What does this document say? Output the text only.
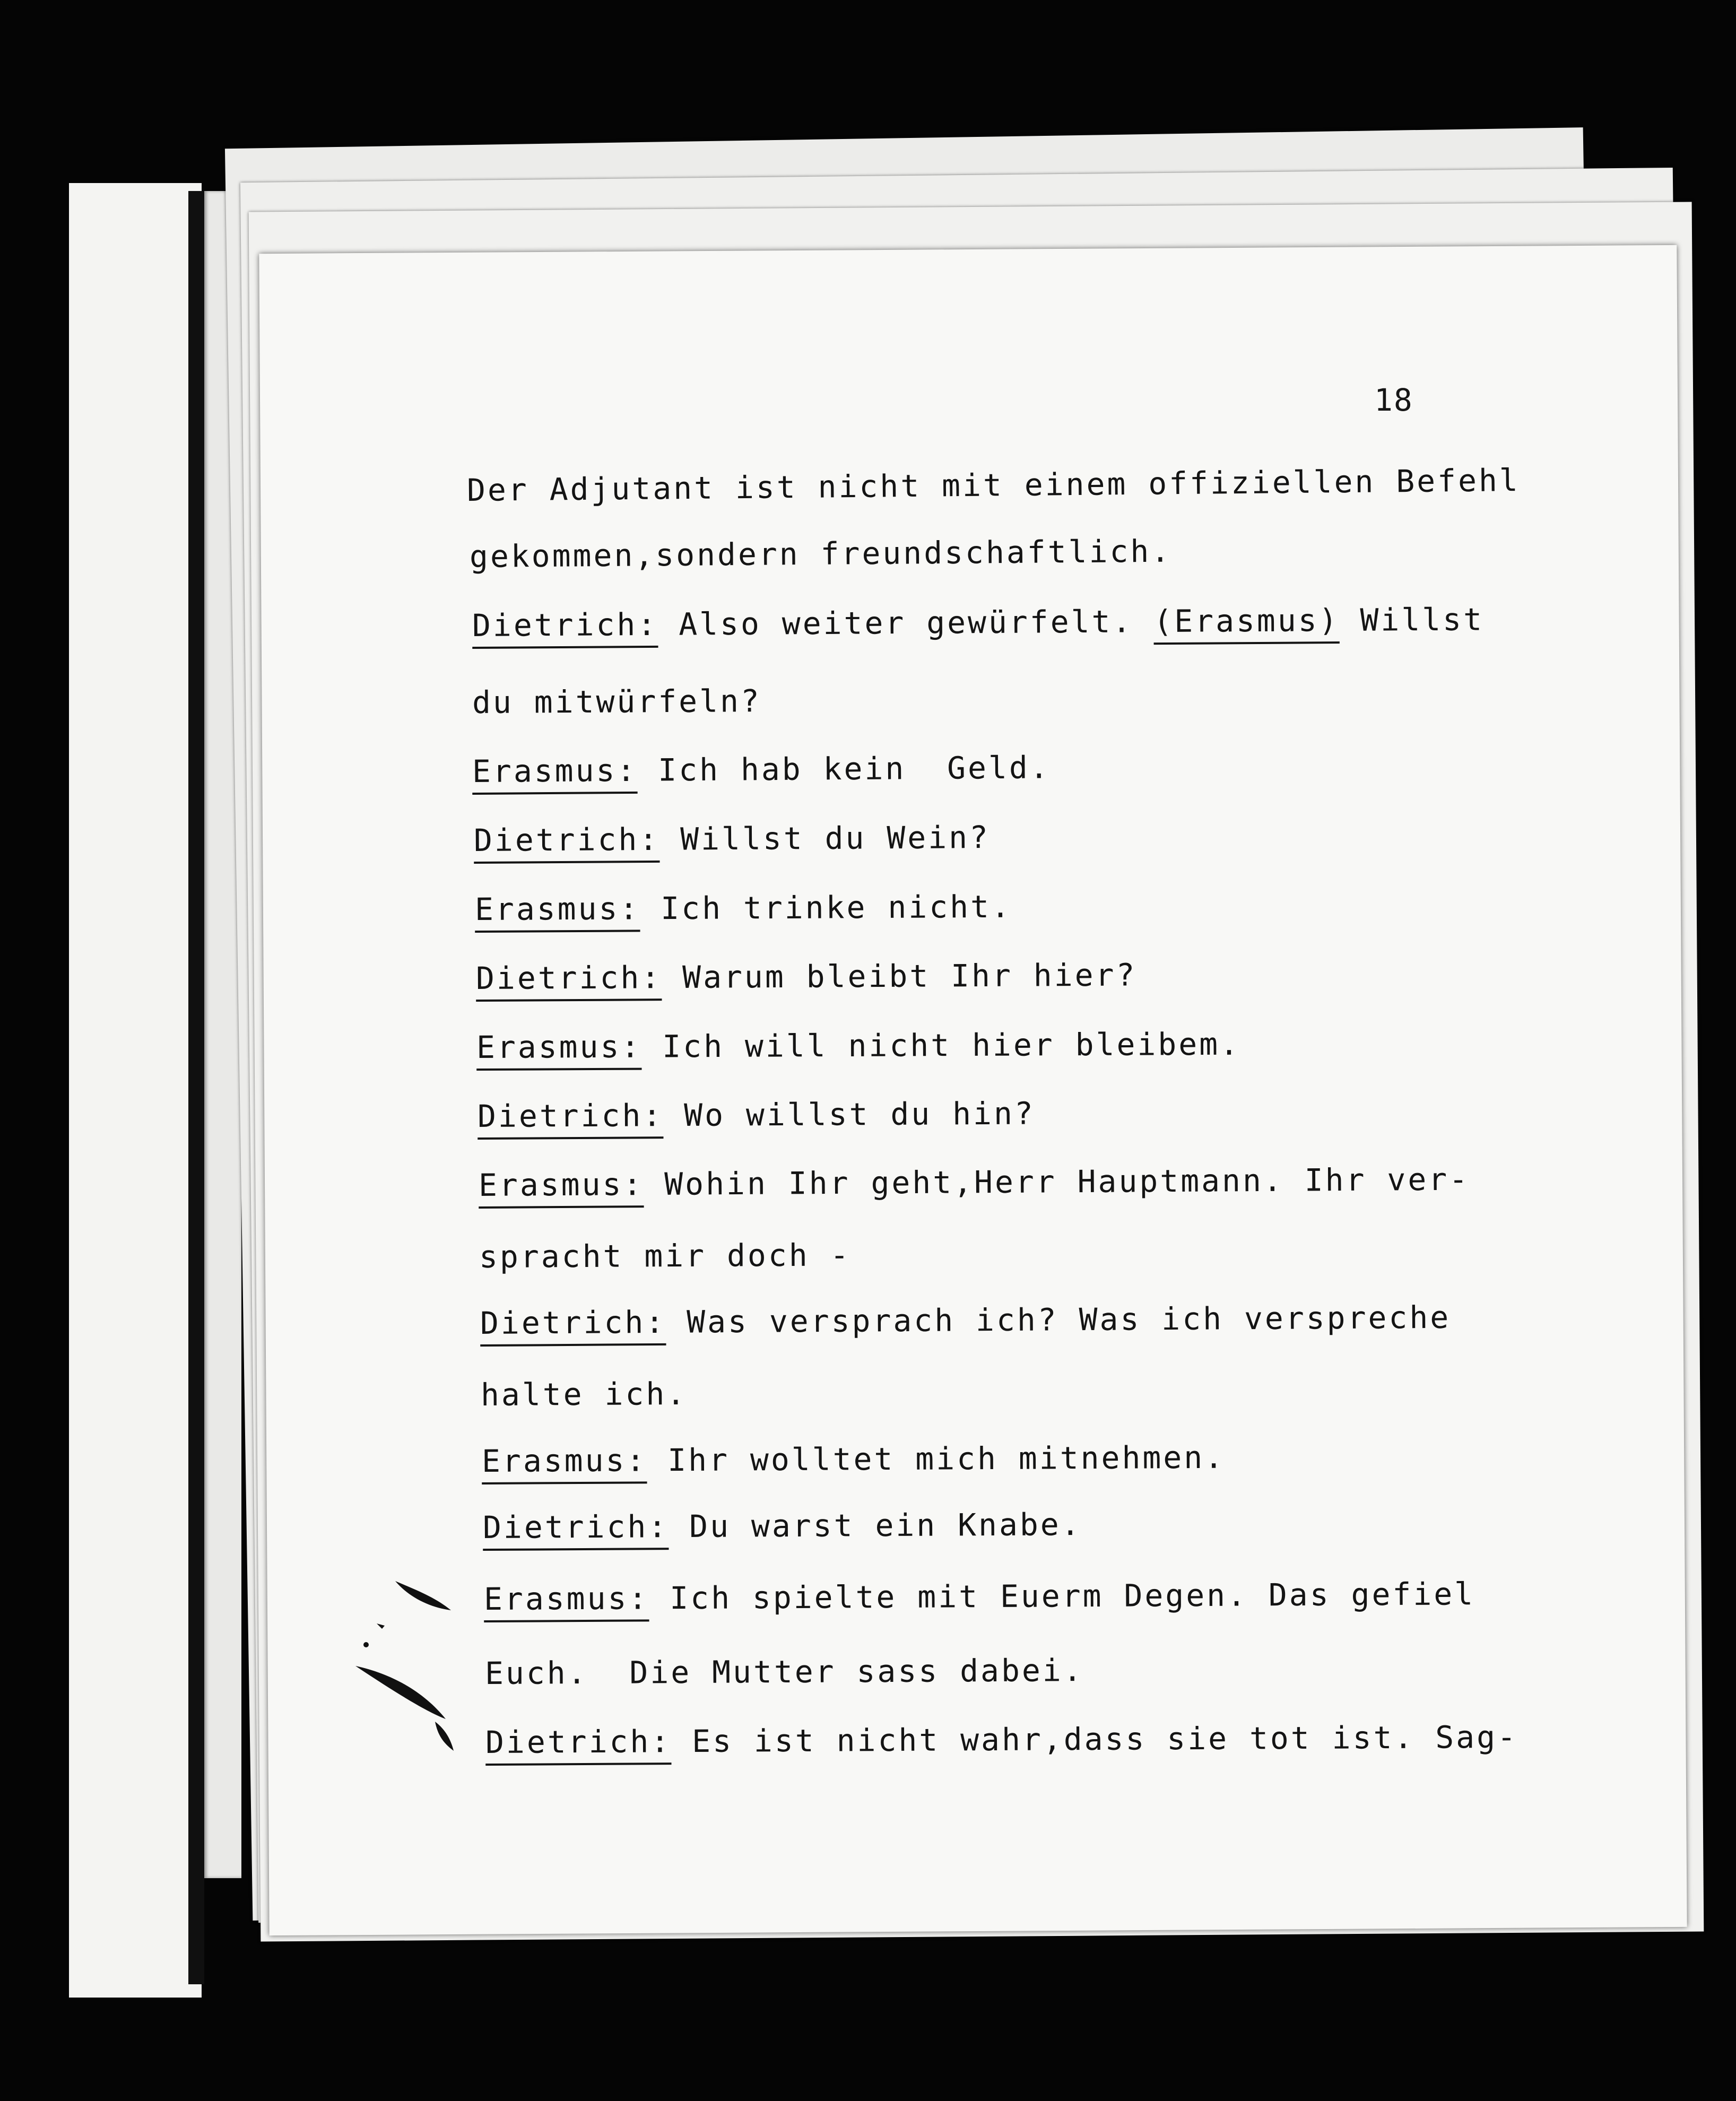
18
Der Adjutant ist nicht mit einem offiziellen Befehl
gekommen,sondern freundschaftlich.
Dietrich: Also weiter gewürfelt. (Erasmus) Willst
du mitwürfeln?
Erasmus: Ich hab kein  Geld.
Dietrich: Willst du Wein?
Erasmus: Ich trinke nicht.
Dietrich: Warum bleibt Ihr hier?
Erasmus: Ich will nicht hier bleibem.
Dietrich: Wo willst du hin?
Erasmus: Wohin Ihr geht,Herr Hauptmann. Ihr ver-
spracht mir doch -
Dietrich: Was versprach ich? Was ich verspreche
halte ich.
Erasmus: Ihr wolltet mich mitnehmen.
Dietrich: Du warst ein Knabe.
Erasmus: Ich spielte mit Euerm Degen. Das gefiel
Euch.  Die Mutter sass dabei.
Dietrich: Es ist nicht wahr,dass sie tot ist. Sag-
